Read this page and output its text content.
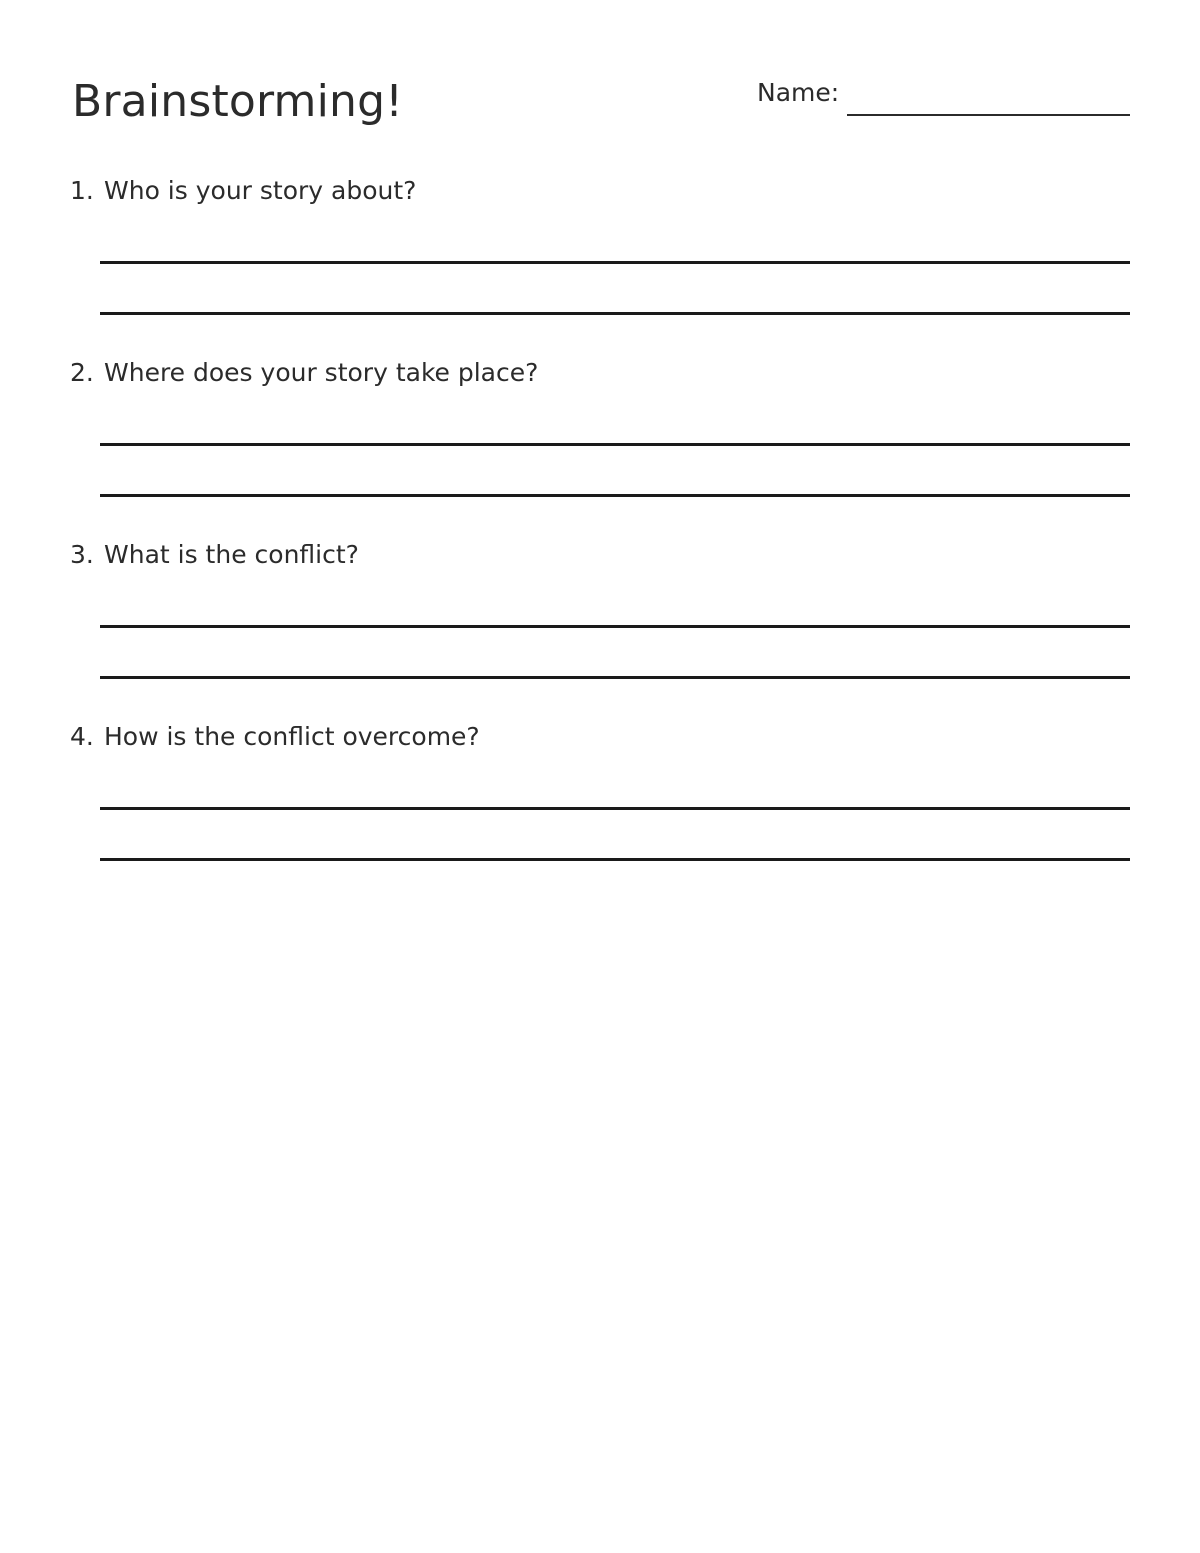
Brainstorming!	Name:
1. Who is your story about?
2. Where does your story take place?
3. What is the conflict?
4. How is the conflict overcome?
